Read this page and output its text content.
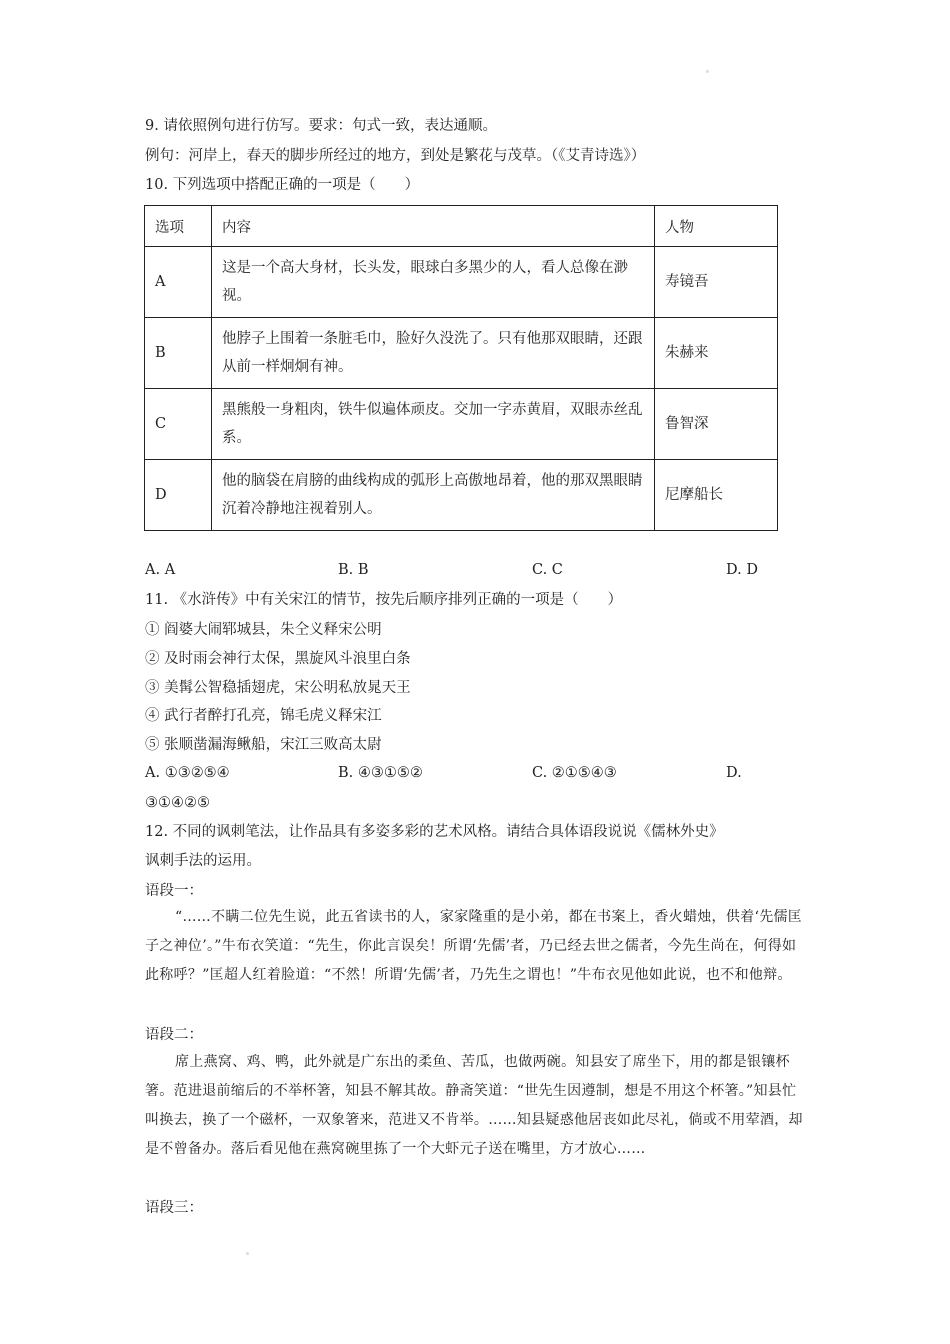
9. 请依照例句进行仿写。要求：句式一致，表达通顺。
例句：河岸上，春天的脚步所经过的地方，到处是繁花与茂草。（《艾青诗选》）
10. 下列选项中搭配正确的一项是（　　）
选项	内容	人物
A	这是一个高大身材，长头发，眼球白多黑少的人，看人总像在渺视。	寿镜吾
B	他脖子上围着一条脏毛巾，脸好久没洗了。只有他那双眼睛，还跟从前一样炯炯有神。	朱赫来
C	黑熊般一身粗肉，铁牛似遍体顽皮。交加一字赤黄眉，双眼赤丝乱系。	鲁智深
D	他的脑袋在肩膀的曲线构成的弧形上高傲地昂着，他的那双黑眼睛沉着冷静地注视着别人。	尼摩船长
A. A	B. B	C. C	D. D
11. 《水浒传》中有关宋江的情节，按先后顺序排列正确的一项是（　　）
① 阎婆大闹郓城县，朱仝义释宋公明
② 及时雨会神行太保，黑旋风斗浪里白条
③ 美髯公智稳插翅虎，宋公明私放晁天王
④ 武行者醉打孔亮，锦毛虎义释宋江
⑤ 张顺凿漏海鳅船，宋江三败高太尉
A. ①③②⑤④	B. ④③①⑤②	C. ②①⑤④③	D.
③①④②⑤
12. 不同的讽刺笔法，让作品具有多姿多彩的艺术风格。请结合具体语段说说《儒林外史》
讽刺手法的运用。
语段一：
“……不瞒二位先生说，此五省读书的人，家家隆重的是小弟，都在书案上，香火蜡烛，供着‘先儒匡子之神位’。”牛布衣笑道：“先生，你此言误矣！所谓‘先儒’者，乃已经去世之儒者，今先生尚在，何得如此称呼？”匡超人红着脸道：“不然！所谓‘先儒’者，乃先生之谓也！”牛布衣见他如此说，也不和他辩。
语段二：
席上燕窝、鸡、鸭，此外就是广东出的柔鱼、苦瓜，也做两碗。知县安了席坐下，用的都是银镶杯箸。范进退前缩后的不举杯箸，知县不解其故。静斋笑道：“世先生因遵制，想是不用这个杯箸。”知县忙叫换去，换了一个磁杯，一双象箸来，范进又不肯举。……知县疑惑他居丧如此尽礼，倘或不用荤酒，却是不曾备办。落后看见他在燕窝碗里拣了一个大虾元子送在嘴里，方才放心……
语段三：
